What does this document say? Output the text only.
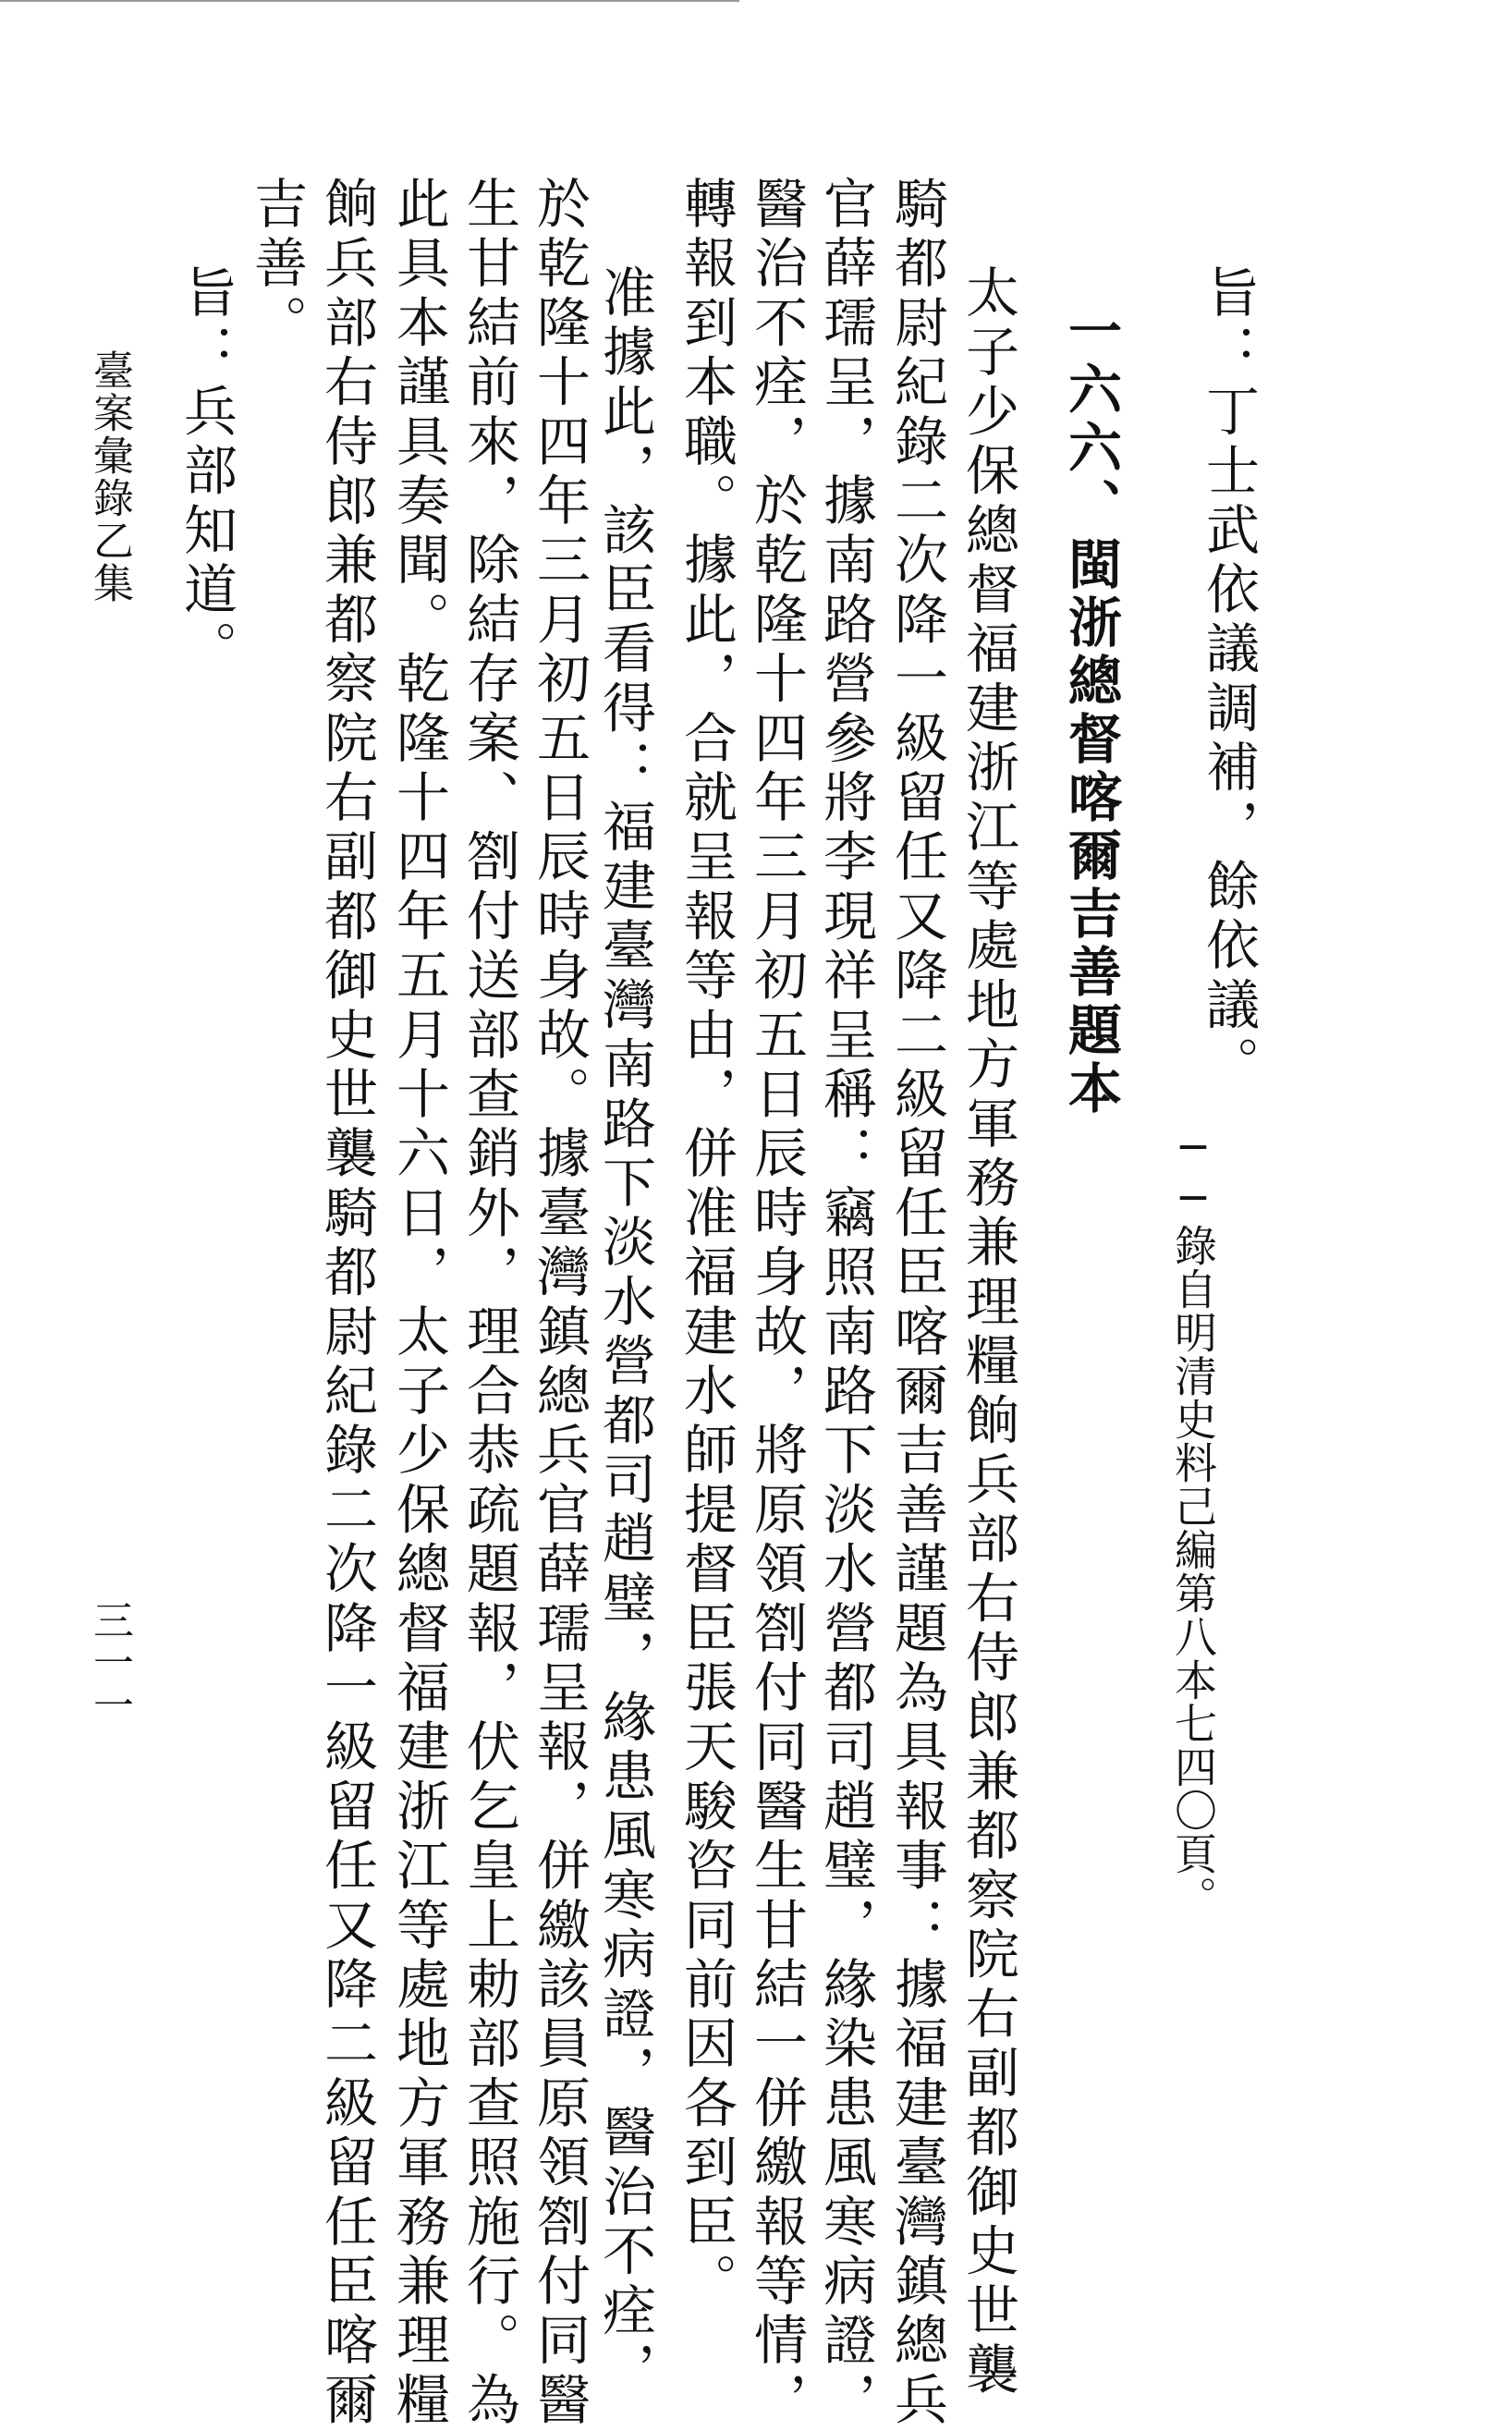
旨：丁士武依議調補，餘依議。
──錄自明清史料己編第八本七四〇頁。
一六六、閩浙總督喀爾吉善題本
太子少保總督福建浙江等處地方軍務兼理糧餉兵部右侍郎兼都察院右副都御史世襲
騎都尉紀錄二次降一級留任又降二級留任臣喀爾吉善謹題為具報事：據福建臺灣鎮總兵
官薛瓀呈，據南路營參將李現祥呈稱：竊照南路下淡水營都司趙璧，緣染患風寒病證，
醫治不痊，於乾隆十四年三月初五日辰時身故，將原領劄付同醫生甘結一併繳報等情，
轉報到本職。據此，合就呈報等由，併准福建水師提督臣張天駿咨同前因各到臣。
准據此，該臣看得：福建臺灣南路下淡水營都司趙璧，緣患風寒病證，醫治不痊，
於乾隆十四年三月初五日辰時身故。據臺灣鎮總兵官薛瓀呈報，併繳該員原領劄付同醫
生甘結前來，除結存案、劄付送部查銷外，理合恭疏題報，伏乞皇上勅部查照施行。為
此具本謹具奏聞。乾隆十四年五月十六日，太子少保總督福建浙江等處地方軍務兼理糧
餉兵部右侍郎兼都察院右副都御史世襲騎都尉紀錄二次降一級留任又降二級留任臣喀爾
吉善。
旨：兵部知道。
臺案彙錄乙集
三一一
